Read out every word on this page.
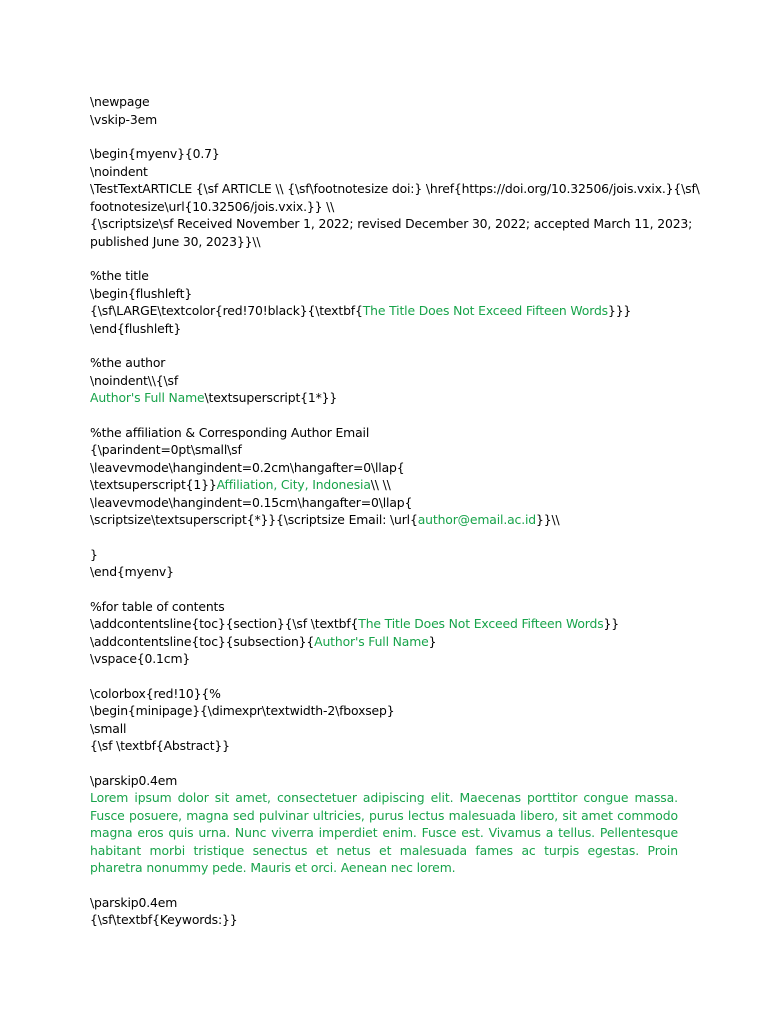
\newpage
\vskip-3em
\begin{myenv}{0.7}
\noindent
\TestTextARTICLE {\sf ARTICLE \\ {\sf\footnotesize doi:} \href{https://doi.org/10.32506/jois.vxix.}{\sf\
footnotesize\url{10.32506/jois.vxix.}} \\
{\scriptsize\sf Received November 1, 2022; revised December 30, 2022; accepted March 11, 2023;
published June 30, 2023}}\\
%the title
\begin{flushleft}
{\sf\LARGE\textcolor{red!70!black}{\textbf{The Title Does Not Exceed Fifteen Words}}}
\end{flushleft}
%the author
\noindent\\{\sf
Author's Full Name\textsuperscript{1*}}
%the affiliation & Corresponding Author Email
{\parindent=0pt\small\sf
\leavevmode\hangindent=0.2cm\hangafter=0\llap{
\textsuperscript{1}}Affiliation, City, Indonesia\\ \\
\leavevmode\hangindent=0.15cm\hangafter=0\llap{
\scriptsize\textsuperscript{*}}{\scriptsize Email: \url{author@email.ac.id}}\\
}
\end{myenv}
%for table of contents
\addcontentsline{toc}{section}{\sf \textbf{The Title Does Not Exceed Fifteen Words}}
\addcontentsline{toc}{subsection}{Author's Full Name}
\vspace{0.1cm}
\colorbox{red!10}{%
\begin{minipage}{\dimexpr\textwidth-2\fboxsep}
\small
{\sf \textbf{Abstract}}
\parskip0.4em
Lorem ipsum dolor sit amet, consectetuer adipiscing elit. Maecenas porttitor congue massa. Fusce posuere, magna sed pulvinar ultricies, purus lectus malesuada libero, sit amet commodo magna eros quis urna. Nunc viverra imperdiet enim. Fusce est. Vivamus a tellus. Pellentesque habitant morbi tristique senectus et netus et malesuada fames ac turpis egestas. Proin pharetra nonummy pede. Mauris et orci. Aenean nec lorem.
\parskip0.4em
{\sf\textbf{Keywords:}}
